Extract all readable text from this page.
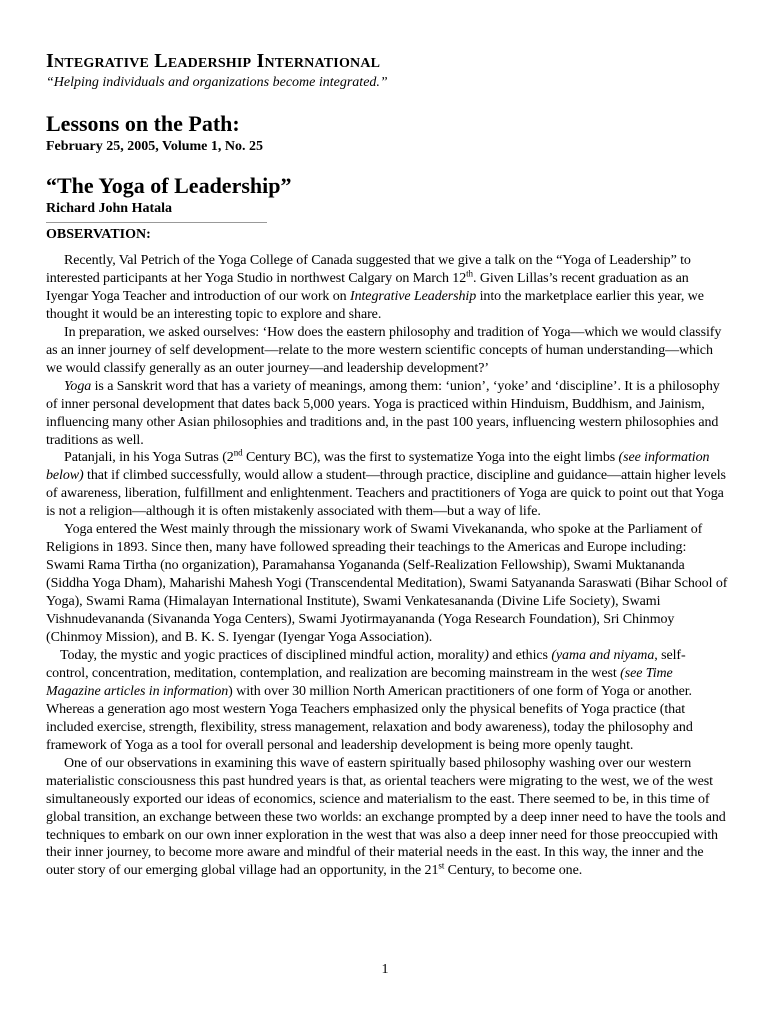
Integrative Leadership International

“Helping individuals and organizations become integrated.”

Lessons on the Path:

February 25, 2005, Volume 1, No. 25

“The Yoga of Leadership”

Richard John Hatala

OBSERVATION:

Recently, Val Petrich of the Yoga College of Canada suggested that we give a talk on the “Yoga of Leadership” to interested participants at her Yoga Studio in northwest Calgary on March 12th. Given Lillas’s recent graduation as an Iyengar Yoga Teacher and introduction of our work on Integrative Leadership into the marketplace earlier this year, we thought it would be an interesting topic to explore and share.

In preparation, we asked ourselves: ‘How does the eastern philosophy and tradition of Yoga—which we would classify as an inner journey of self development—relate to the more western scientific concepts of human understanding—which we would classify generally as an outer journey—and leadership development?’

Yoga is a Sanskrit word that has a variety of meanings, among them: ‘union’, ‘yoke’ and ‘discipline’. It is a philosophy of inner personal development that dates back 5,000 years. Yoga is practiced within Hinduism, Buddhism, and Jainism, influencing many other Asian philosophies and traditions and, in the past 100 years, influencing western philosophies and traditions as well.

Patanjali, in his Yoga Sutras (2nd Century BC), was the first to systematize Yoga into the eight limbs (see information below) that if climbed successfully, would allow a student—through practice, discipline and guidance—attain higher levels of awareness, liberation, fulfillment and enlightenment. Teachers and practitioners of Yoga are quick to point out that Yoga is not a religion—although it is often mistakenly associated with them—but a way of life.

Yoga entered the West mainly through the missionary work of Swami Vivekananda, who spoke at the Parliament of Religions in 1893. Since then, many have followed spreading their teachings to the Americas and Europe including: Swami Rama Tirtha (no organization), Paramahansa Yogananda (Self-Realization Fellowship), Swami Muktananda (Siddha Yoga Dham), Maharishi Mahesh Yogi (Transcendental Meditation), Swami Satyananda Saraswati (Bihar School of Yoga), Swami Rama (Himalayan International Institute), Swami Venkatesananda (Divine Life Society), Swami Vishnudevananda (Sivananda Yoga Centers), Swami Jyotirmayananda (Yoga Research Foundation), Sri Chinmoy (Chinmoy Mission), and B. K. S. Iyengar (Iyengar Yoga Association).

Today, the mystic and yogic practices of disciplined mindful action, morality) and ethics (yama and niyama, self-control, concentration, meditation, contemplation, and realization are becoming mainstream in the west (see Time Magazine articles in information) with over 30 million North American practitioners of one form of Yoga or another. Whereas a generation ago most western Yoga Teachers emphasized only the physical benefits of Yoga practice (that included exercise, strength, flexibility, stress management, relaxation and body awareness), today the philosophy and framework of Yoga as a tool for overall personal and leadership development is being more openly taught.

One of our observations in examining this wave of eastern spiritually based philosophy washing over our western materialistic consciousness this past hundred years is that, as oriental teachers were migrating to the west, we of the west simultaneously exported our ideas of economics, science and materialism to the east. There seemed to be, in this time of global transition, an exchange between these two worlds: an exchange prompted by a deep inner need to have the tools and techniques to embark on our own inner exploration in the west that was also a deep inner need for those preoccupied with their inner journey, to become more aware and mindful of their material needs in the east. In this way, the inner and the outer story of our emerging global village had an opportunity, in the 21st Century, to become one.

1
